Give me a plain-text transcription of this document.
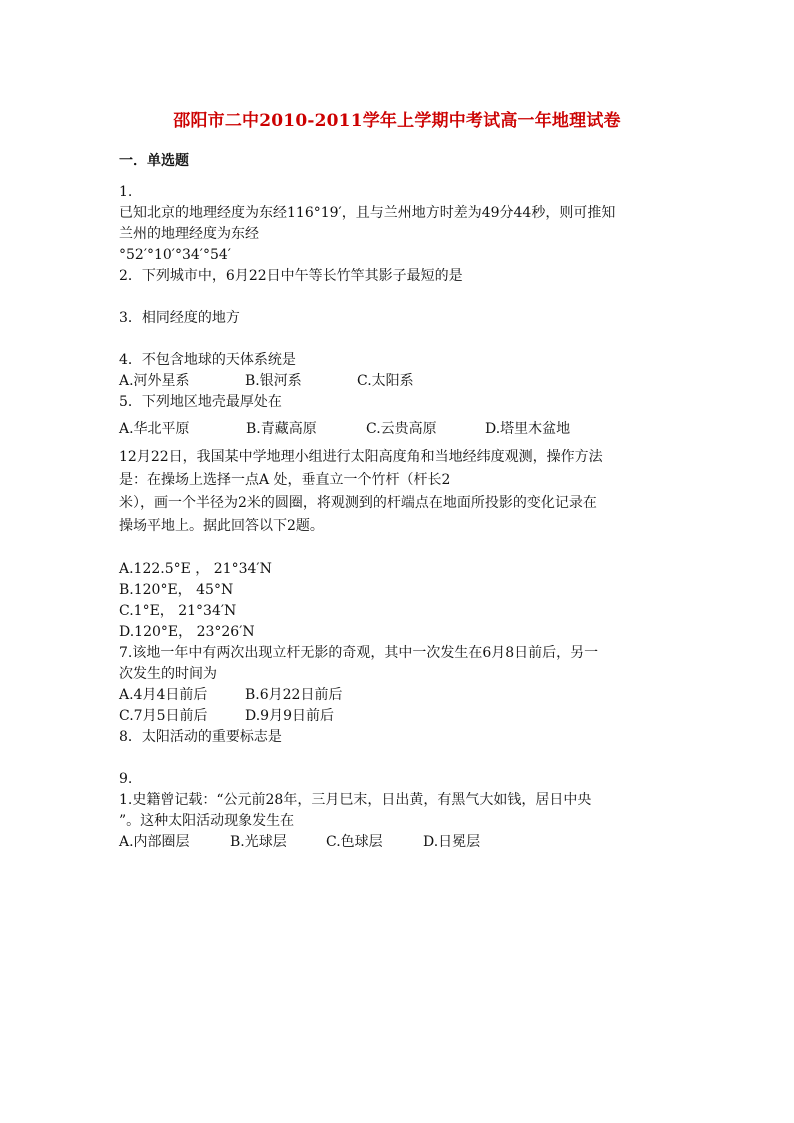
邵阳市二中2010-2011学年上学期中考试高一年地理试卷
一．单选题
1.
已知北京的地理经度为东经116°19′，且与兰州地方时差为49分44秒，则可推知
兰州的地理经度为东经
°52′°10′°34′°54′
2．下列城市中，6月22日中午等长竹竿其影子最短的是
3．相同经度的地方
4．不包含地球的天体系统是
A.河外星系	B.银河系	C.太阳系
5．下列地区地壳最厚处在
A.华北平原	B.青藏高原	C.云贵高原	D.塔里木盆地
12月22日，我国某中学地理小组进行太阳高度角和当地经纬度观测，操作方法
是：在操场上选择一点A 处，垂直立一个竹杆（杆长2
米），画一个半径为2米的圆圈，将观测到的杆端点在地面所投影的变化记录在
操场平地上。据此回答以下2题。
A.122.5°E ， 21°34′N
B.120°E， 45°N
C.1°E， 21°34′N
D.120°E， 23°26′N
7.该地一年中有两次出现立杆无影的奇观，其中一次发生在6月8日前后，另一
次发生的时间为
A.4月4日前后	B.6月22日前后
C.7月5日前后	D.9月9日前后
8．太阳活动的重要标志是
9.
1.史籍曾记载：“公元前28年，三月巳末，日出黄，有黑气大如钱，居日中央
”。这种太阳活动现象发生在
A.内部圈层	B.光球层	C.色球层	D.日冕层
